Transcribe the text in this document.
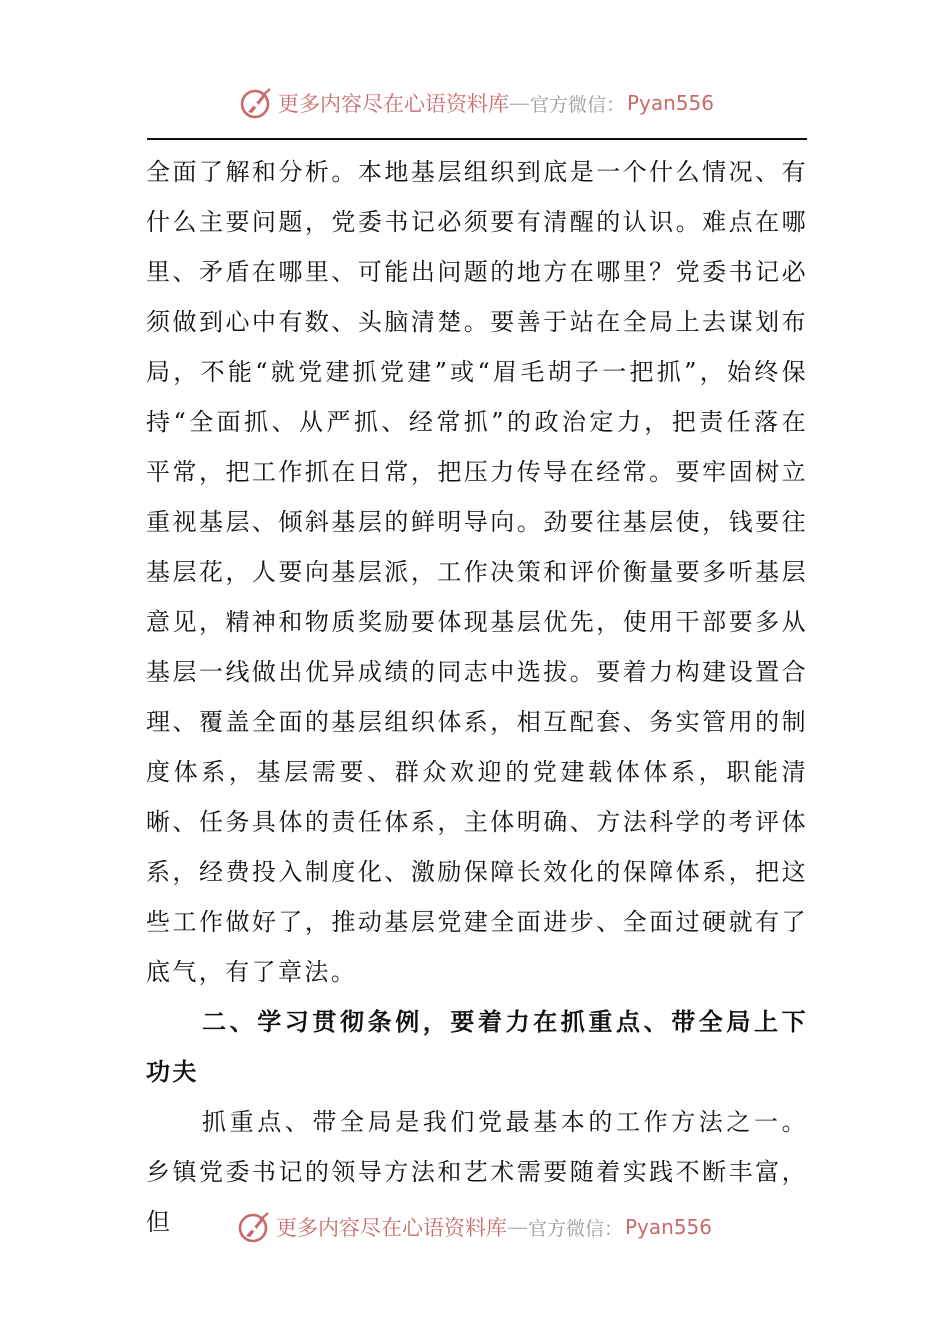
更多内容尽在心语资料库 — 官方微信： Pyan556

全面了解和分析。本地基层组织到底是一个什么情况、有什么主要问题，党委书记必须要有清醒的认识。难点在哪里、矛盾在哪里、可能出问题的地方在哪里？党委书记必须做到心中有数、头脑清楚。要善于站在全局上去谋划布局，不能“就党建抓党建”或“眉毛胡子一把抓”，始终保持“全面抓、从严抓、经常抓”的政治定力，把责任落在平常，把工作抓在日常，把压力传导在经常。要牢固树立重视基层、倾斜基层的鲜明导向。劲要往基层使，钱要往基层花，人要向基层派，工作决策和评价衡量要多听基层意见，精神和物质奖励要体现基层优先，使用干部要多从基层一线做出优异成绩的同志中选拔。要着力构建设置合理、覆盖全面的基层组织体系，相互配套、务实管用的制度体系，基层需要、群众欢迎的党建载体体系，职能清晰、任务具体的责任体系，主体明确、方法科学的考评体系，经费投入制度化、激励保障长效化的保障体系，把这些工作做好了，推动基层党建全面进步、全面过硬就有了底气，有了章法。

二、学习贯彻条例，要着力在抓重点、带全局上下功夫

抓重点、带全局是我们党最基本的工作方法之一。乡镇党委书记的领导方法和艺术需要随着实践不断丰富，但	更多内容尽在心语资料库 — 官方微信： Pyan556
